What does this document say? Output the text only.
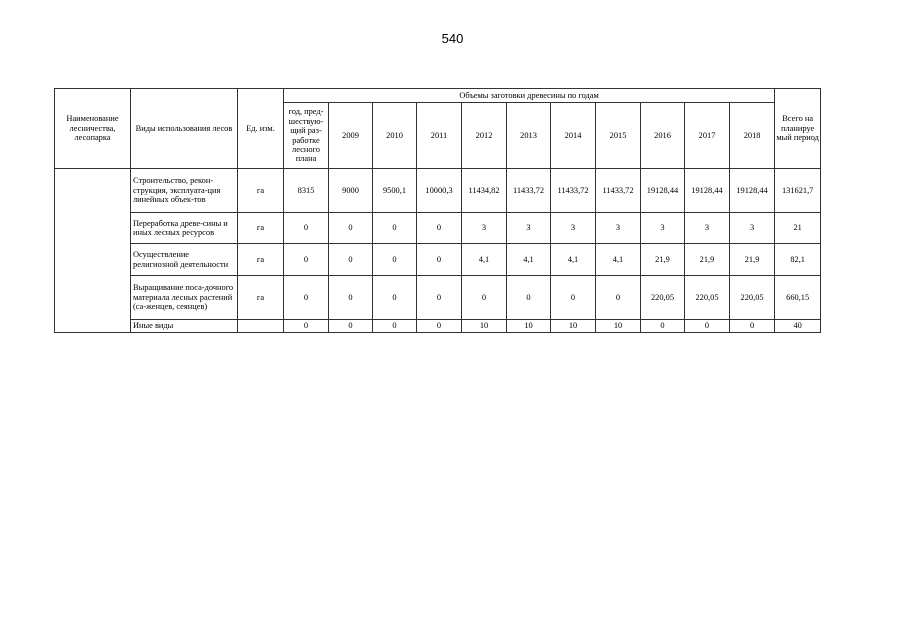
540
Наименование лесничества, лесопарка	Виды использования лесов	Ед. изм.	Объемы заготовки древесины по годам											Всего на планируе мый период
			год, пред-шествую-щий раз-работке лесного плана	2009	2010	2011	2012	2013	2014	2015	2016	2017	2018	
	Строительство, рекон-струкция, эксплуата-ция линейных объек-тов	га	8315	9000	9500,1	10000,3	11434,82	11433,72	11433,72	11433,72	19128,44	19128,44	19128,44	131621,7
	Переработка древе-сины и иных лесных ресурсов	га	0	0	0	0	3	3	3	3	3	3	3	21
	Осуществление религиозной деятельности	га	0	0	0	0	4,1	4,1	4,1	4,1	21,9	21,9	21,9	82,1
	Выращивание поса-дочного материала лесных растений (са-женцев, сеянцев)	га	0	0	0	0	0	0	0	0	220,05	220,05	220,05	660,15
	Иные виды		0	0	0	0	10	10	10	10	0	0	0	40
